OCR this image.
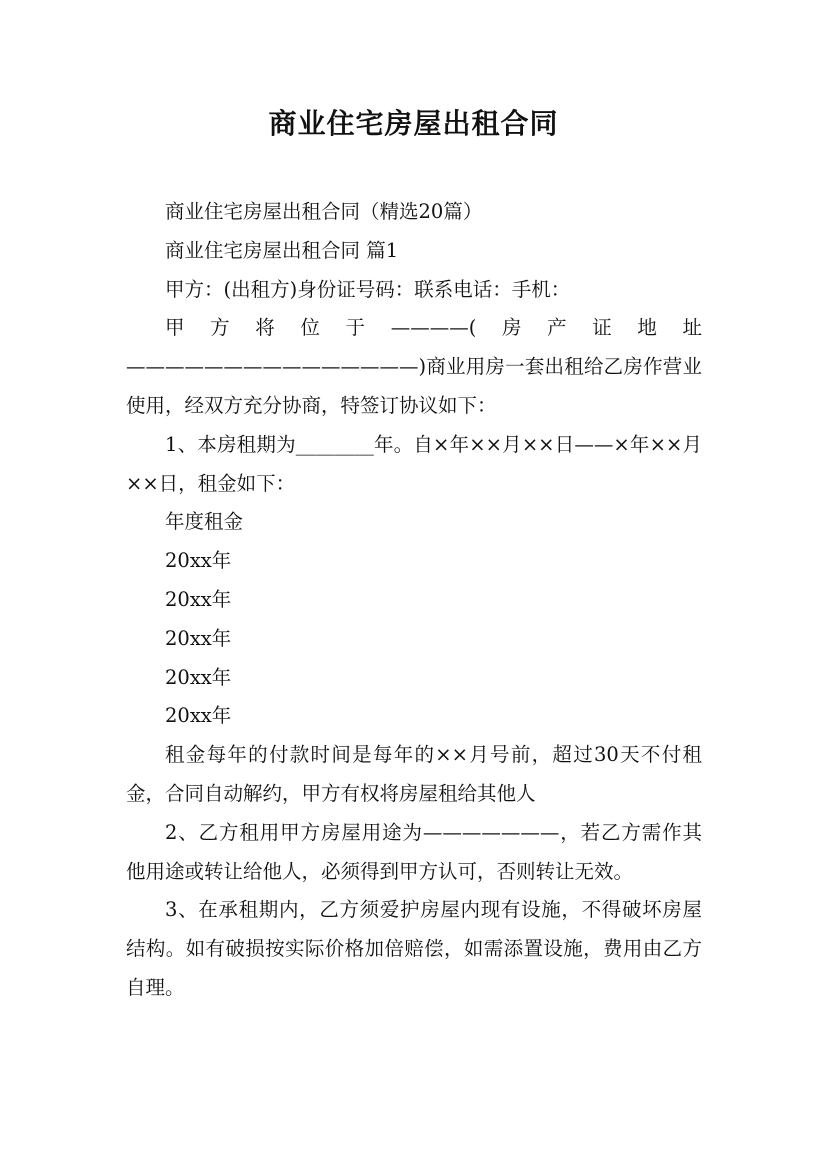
商业住宅房屋出租合同

商业住宅房屋出租合同（精选20篇）

商业住宅房屋出租合同 篇1

甲方：(出租方)身份证号码：联系电话：手机：

甲　方　将　位　于　————(　房　产　证　地　址———————————————)商业用房一套出租给乙房作营业使用，经双方充分协商，特签订协议如下：

1、本房租期为________年。自×年××月××日——×年××月××日，租金如下：

年度租金

20xx年

20xx年

20xx年

20xx年

20xx年

租金每年的付款时间是每年的××月号前，超过30天不付租金，合同自动解约，甲方有权将房屋租给其他人

2、乙方租用甲方房屋用途为———————，若乙方需作其他用途或转让给他人，必须得到甲方认可，否则转让无效。

3、在承租期内，乙方须爱护房屋内现有设施，不得破坏房屋结构。如有破损按实际价格加倍赔偿，如需添置设施，费用由乙方自理。
